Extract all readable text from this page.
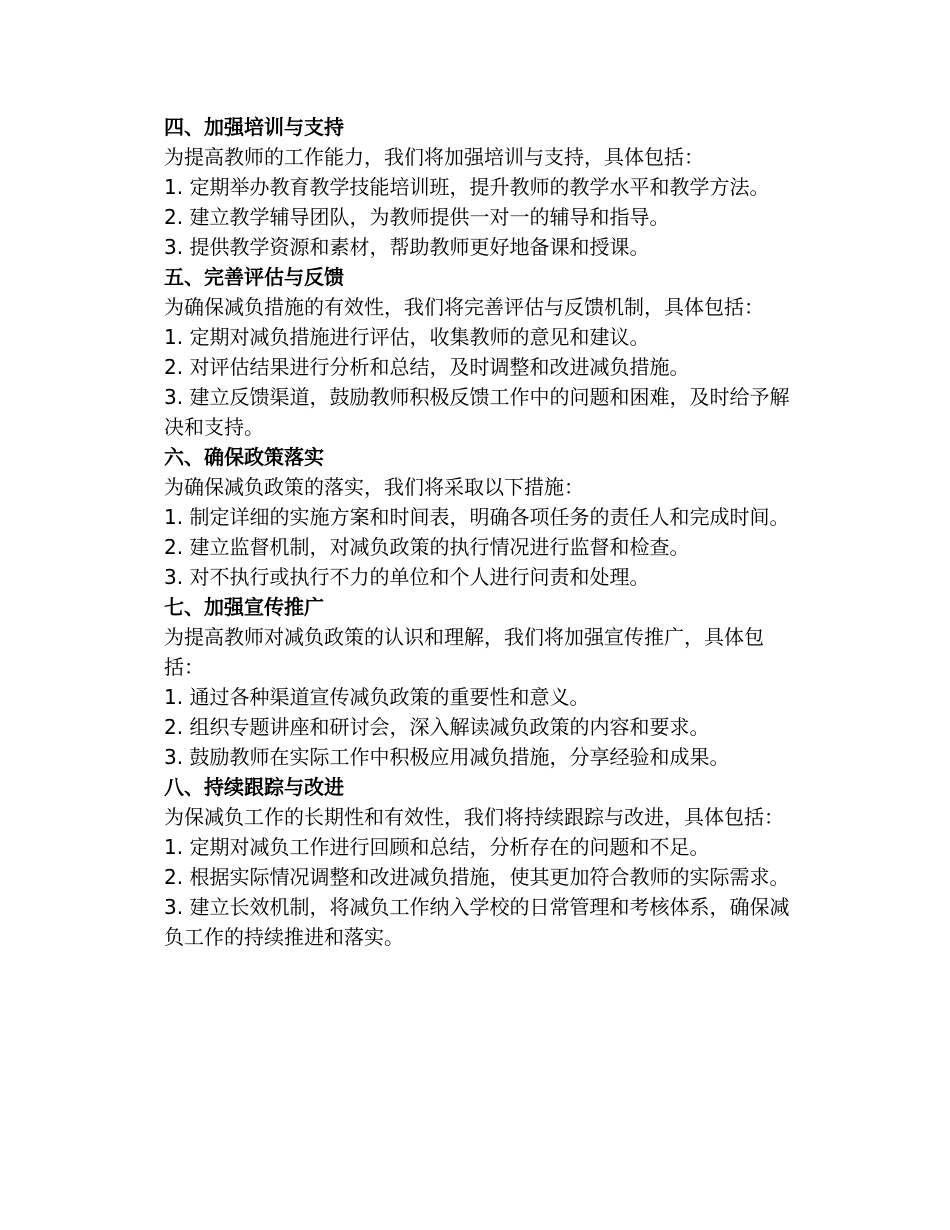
四、加强培训与支持

为提高教师的工作能力，我们将加强培训与支持，具体包括：

1. 定期举办教育教学技能培训班，提升教师的教学水平和教学方法。

2. 建立教学辅导团队，为教师提供一对一的辅导和指导。

3. 提供教学资源和素材，帮助教师更好地备课和授课。

五、完善评估与反馈

为确保减负措施的有效性，我们将完善评估与反馈机制，具体包括：

1. 定期对减负措施进行评估，收集教师的意见和建议。

2. 对评估结果进行分析和总结，及时调整和改进减负措施。

3. 建立反馈渠道，鼓励教师积极反馈工作中的问题和困难，及时给予解决和支持。

六、确保政策落实

为确保减负政策的落实，我们将采取以下措施：

1. 制定详细的实施方案和时间表，明确各项任务的责任人和完成时间。

2. 建立监督机制，对减负政策的执行情况进行监督和检查。

3. 对不执行或执行不力的单位和个人进行问责和处理。

七、加强宣传推广

为提高教师对减负政策的认识和理解，我们将加强宣传推广，具体包括：

1. 通过各种渠道宣传减负政策的重要性和意义。

2. 组织专题讲座和研讨会，深入解读减负政策的内容和要求。

3. 鼓励教师在实际工作中积极应用减负措施，分享经验和成果。

八、持续跟踪与改进

为保减负工作的长期性和有效性，我们将持续跟踪与改进，具体包括：

1. 定期对减负工作进行回顾和总结，分析存在的问题和不足。

2. 根据实际情况调整和改进减负措施，使其更加符合教师的实际需求。

3. 建立长效机制，将减负工作纳入学校的日常管理和考核体系，确保减负工作的持续推进和落实。
